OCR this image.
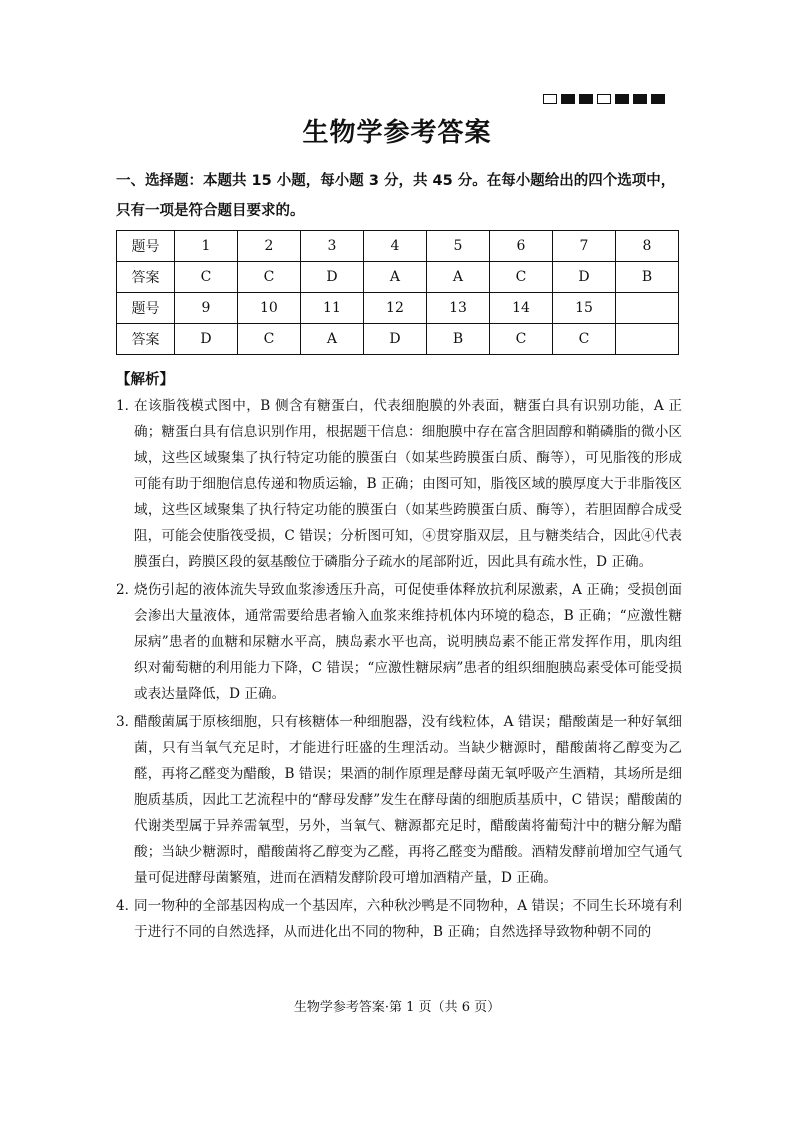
生物学参考答案
一、选择题：本题共 15 小题，每小题 3 分，共 45 分。在每小题给出的四个选项中，只有一项是符合题目要求的。
题号	1	2	3	4	5	6	7	8
答案	C	C	D	A	A	C	D	B
题号	9	10	11	12	13	14	15	
答案	D	C	A	D	B	C	C	
【解析】
1．
在该脂筏模式图中，B 侧含有糖蛋白，代表细胞膜的外表面，糖蛋白具有识别功能，A 正确；糖蛋白具有信息识别作用，根据题干信息：细胞膜中存在富含胆固醇和鞘磷脂的微小区域，这些区域聚集了执行特定功能的膜蛋白（如某些跨膜蛋白质、酶等），可见脂筏的形成可能有助于细胞信息传递和物质运输，B 正确；由图可知，脂筏区域的膜厚度大于非脂筏区域，这些区域聚集了执行特定功能的膜蛋白（如某些跨膜蛋白质、酶等），若胆固醇合成受阻，可能会使脂筏受损，C 错误；分析图可知，④贯穿脂双层，且与糖类结合，因此④代表膜蛋白，跨膜区段的氨基酸位于磷脂分子疏水的尾部附近，因此具有疏水性，D 正确。
2．
烧伤引起的液体流失导致血浆渗透压升高，可促使垂体释放抗利尿激素，A 正确；受损创面会渗出大量液体，通常需要给患者输入血浆来维持机体内环境的稳态，B 正确；“应激性糖尿病”患者的血糖和尿糖水平高，胰岛素水平也高，说明胰岛素不能正常发挥作用，肌肉组织对葡萄糖的利用能力下降，C 错误；“应激性糖尿病”患者的组织细胞胰岛素受体可能受损或表达量降低，D 正确。
3．
醋酸菌属于原核细胞，只有核糖体一种细胞器，没有线粒体，A 错误；醋酸菌是一种好氧细菌，只有当氧气充足时，才能进行旺盛的生理活动。当缺少糖源时，醋酸菌将乙醇变为乙醛，再将乙醛变为醋酸，B 错误；果酒的制作原理是酵母菌无氧呼吸产生酒精，其场所是细胞质基质，因此工艺流程中的“酵母发酵”发生在酵母菌的细胞质基质中，C 错误；醋酸菌的代谢类型属于异养需氧型，另外，当氧气、糖源都充足时，醋酸菌将葡萄汁中的糖分解为醋酸；当缺少糖源时，醋酸菌将乙醇变为乙醛，再将乙醛变为醋酸。酒精发酵前增加空气通气量可促进酵母菌繁殖，进而在酒精发酵阶段可增加酒精产量，D 正确。
4．
同一物种的全部基因构成一个基因库，六种秋沙鸭是不同物种，A 错误；不同生长环境有利于进行不同的自然选择，从而进化出不同的物种，B 正确；自然选择导致物种朝不同的
生物学参考答案·第 1 页（共 6 页）
